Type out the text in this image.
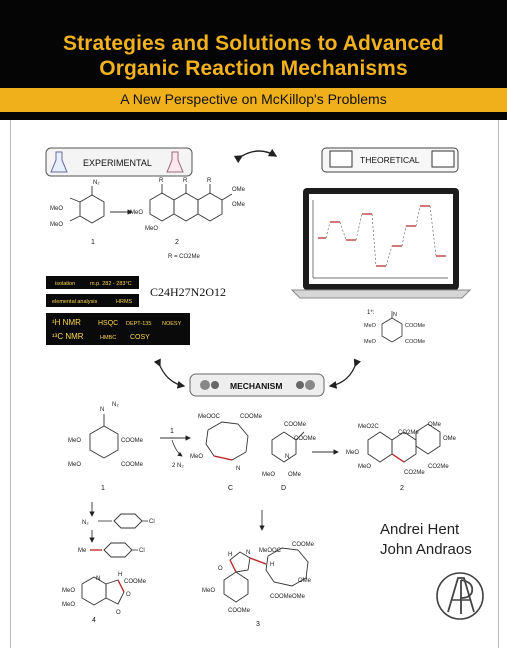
Strategies and Solutions to Advanced
Organic Reaction Mechanisms
A New Perspective on McKillop's Problems
EXPERIMENTAL	THEORETICAL
N₂
MeO
MeO
1
OMe
OMe
MeO
MeO
R	R	R
2
R = CO2Me
isolation	m.p. 282 - 283°C
elemental analysis	HRMS
¹H NMR HSQC DEPT-135 NOESY
¹³C NMR	HMBC COSY
C24H27N2O12
1*:
MeO
MeO
COOMe
COOMe
N
MECHANISM
N
N₂
MeO
MeO
COOMe
COOMe
1
1
2 N₂
MeOOC	COOMe
MeO
N
C
COOMe
COOMe
N
MeO OMe
D
MeO2C
CO2Me
OMe
OMe
MeO
MeO
CO2Me
CO2Me
2
N₂	Cl
Me	Cl
H
COOMe
N
MeO
MeO
O
O
4
H N MeOOC
COOMe
O
H
MeO
OMe
COOMe OMe
COOMe
3
Andrei Hent
John Andraos
